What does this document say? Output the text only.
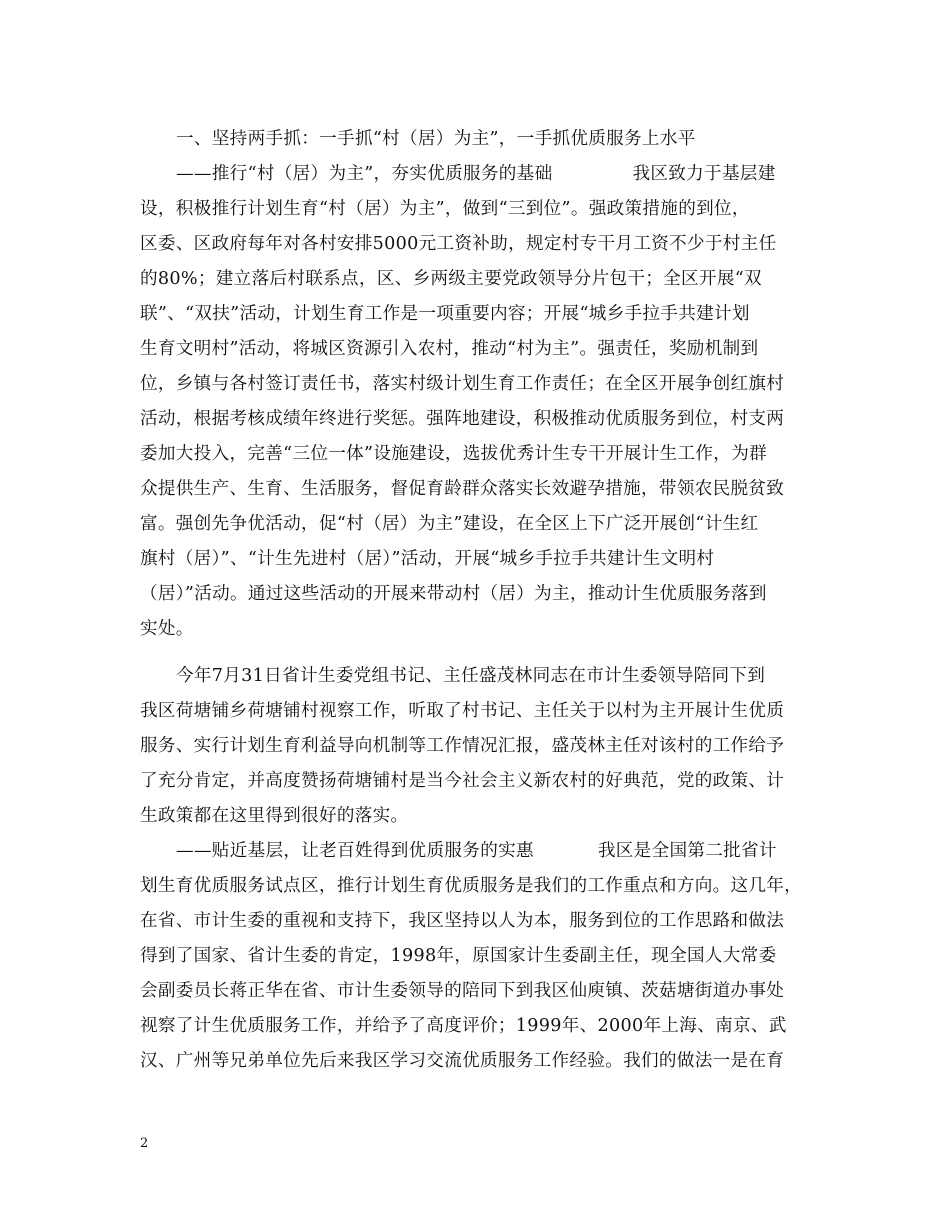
一、坚持两手抓：一手抓“村（居）为主”，一手抓优质服务上水平
——推行“村（居）为主”，夯实优质服务的基础	我区致力于基层建
设，积极推行计划生育“村（居）为主”，做到“三到位”。强政策措施的到位，
区委、区政府每年对各村安排5000元工资补助，规定村专干月工资不少于村主任
的80%；建立落后村联系点，区、乡两级主要党政领导分片包干；全区开展“双
联”、“双扶”活动，计划生育工作是一项重要内容；开展“城乡手拉手共建计划
生育文明村”活动，将城区资源引入农村，推动“村为主”。强责任，奖励机制到
位，乡镇与各村签订责任书，落实村级计划生育工作责任；在全区开展争创红旗村
活动，根据考核成绩年终进行奖惩。强阵地建设，积极推动优质服务到位，村支两
委加大投入，完善“三位一体”设施建设，选拔优秀计生专干开展计生工作，为群
众提供生产、生育、生活服务，督促育龄群众落实长效避孕措施，带领农民脱贫致
富。强创先争优活动，促“村（居）为主”建设，在全区上下广泛开展创“计生红
旗村（居）”、“计生先进村（居）”活动，开展“城乡手拉手共建计生文明村
（居）”活动。通过这些活动的开展来带动村（居）为主，推动计生优质服务落到
实处。
今年7月31日省计生委党组书记、主任盛茂林同志在市计生委领导陪同下到
我区荷塘铺乡荷塘铺村视察工作，听取了村书记、主任关于以村为主开展计生优质
服务、实行计划生育利益导向机制等工作情况汇报，盛茂林主任对该村的工作给予
了充分肯定，并高度赞扬荷塘铺村是当今社会主义新农村的好典范，党的政策、计
生政策都在这里得到很好的落实。
——贴近基层，让老百姓得到优质服务的实惠	我区是全国第二批省计
划生育优质服务试点区，推行计划生育优质服务是我们的工作重点和方向。这几年，
在省、市计生委的重视和支持下，我区坚持以人为本，服务到位的工作思路和做法
得到了国家、省计生委的肯定，1998年，原国家计生委副主任，现全国人大常委
会副委员长蒋正华在省、市计生委领导的陪同下到我区仙庾镇、茨菇塘街道办事处
视察了计生优质服务工作，并给予了高度评价；1999年、2000年上海、南京、武
汉、广州等兄弟单位先后来我区学习交流优质服务工作经验。我们的做法一是在育
2
